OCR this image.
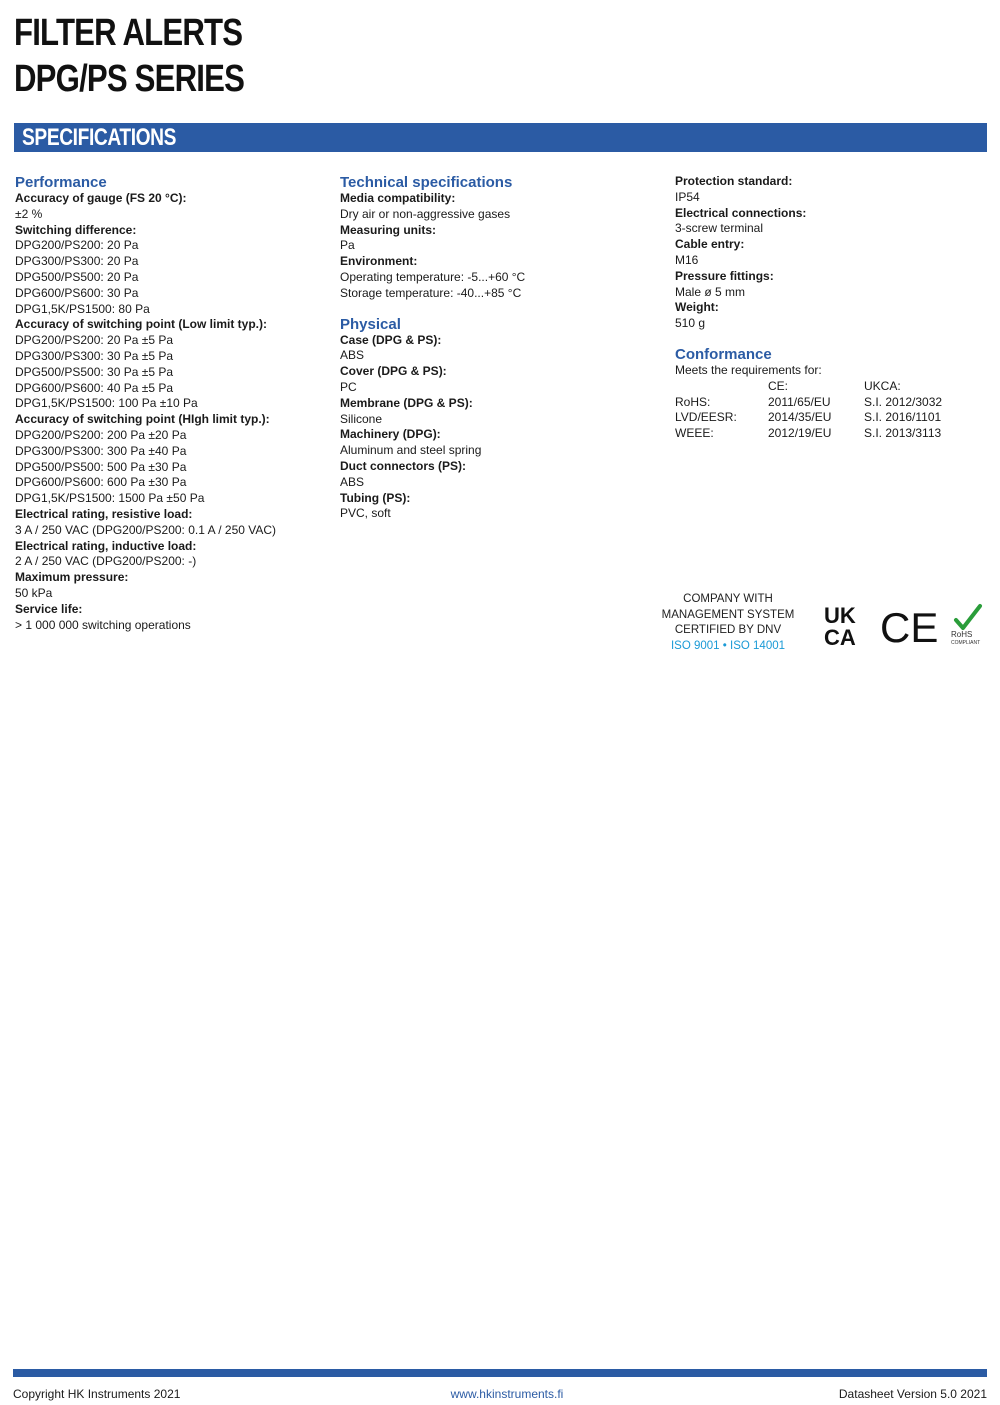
FILTER ALERTS
DPG/PS SERIES
SPECIFICATIONS
Performance
Accuracy of gauge (FS 20 °C):
±2 %
Switching difference:
DPG200/PS200: 20 Pa
DPG300/PS300: 20 Pa
DPG500/PS500: 20 Pa
DPG600/PS600: 30 Pa
DPG1,5K/PS1500: 80 Pa
Accuracy of switching point (Low limit typ.):
DPG200/PS200: 20 Pa ±5 Pa
DPG300/PS300: 30 Pa ±5 Pa
DPG500/PS500: 30 Pa ±5 Pa
DPG600/PS600: 40 Pa ±5 Pa
DPG1,5K/PS1500: 100 Pa ±10 Pa
Accuracy of switching point (HIgh limit typ.):
DPG200/PS200: 200 Pa ±20 Pa
DPG300/PS300: 300 Pa ±40 Pa
DPG500/PS500: 500 Pa ±30 Pa
DPG600/PS600: 600 Pa ±30 Pa
DPG1,5K/PS1500: 1500 Pa ±50 Pa
Electrical rating, resistive load:
3 A / 250 VAC (DPG200/PS200: 0.1 A / 250 VAC)
Electrical rating, inductive load:
2 A / 250 VAC (DPG200/PS200: -)
Maximum pressure:
50 kPa
Service life:
> 1 000 000 switching operations
Technical specifications
Media compatibility:
Dry air or non-aggressive gases
Measuring units:
Pa
Environment:
Operating temperature: -5...+60 °C
Storage temperature: -40...+85 °C
Physical
Case (DPG & PS):
ABS
Cover (DPG & PS):
PC
Membrane (DPG & PS):
Silicone
Machinery (DPG):
Aluminum and steel spring
Duct connectors (PS):
ABS
Tubing (PS):
PVC, soft
Protection standard:
IP54
Electrical connections:
3-screw terminal
Cable entry:
M16
Pressure fittings:
Male ø 5 mm
Weight:
510 g
Conformance
Meets the requirements for:
	CE:	UKCA:
RoHS:	2011/65/EU	S.I. 2012/3032
LVD/EESR:	2014/35/EU	S.I. 2016/1101
WEEE:	2012/19/EU	S.I. 2013/3113
COMPANY WITH
MANAGEMENT SYSTEM
CERTIFIED BY DNV
ISO 9001 • ISO 14001
UK
CA CE RoHS
COMPLIANT
Copyright HK Instruments 2021	www.hkinstruments.fi	Datasheet Version 5.0 2021
